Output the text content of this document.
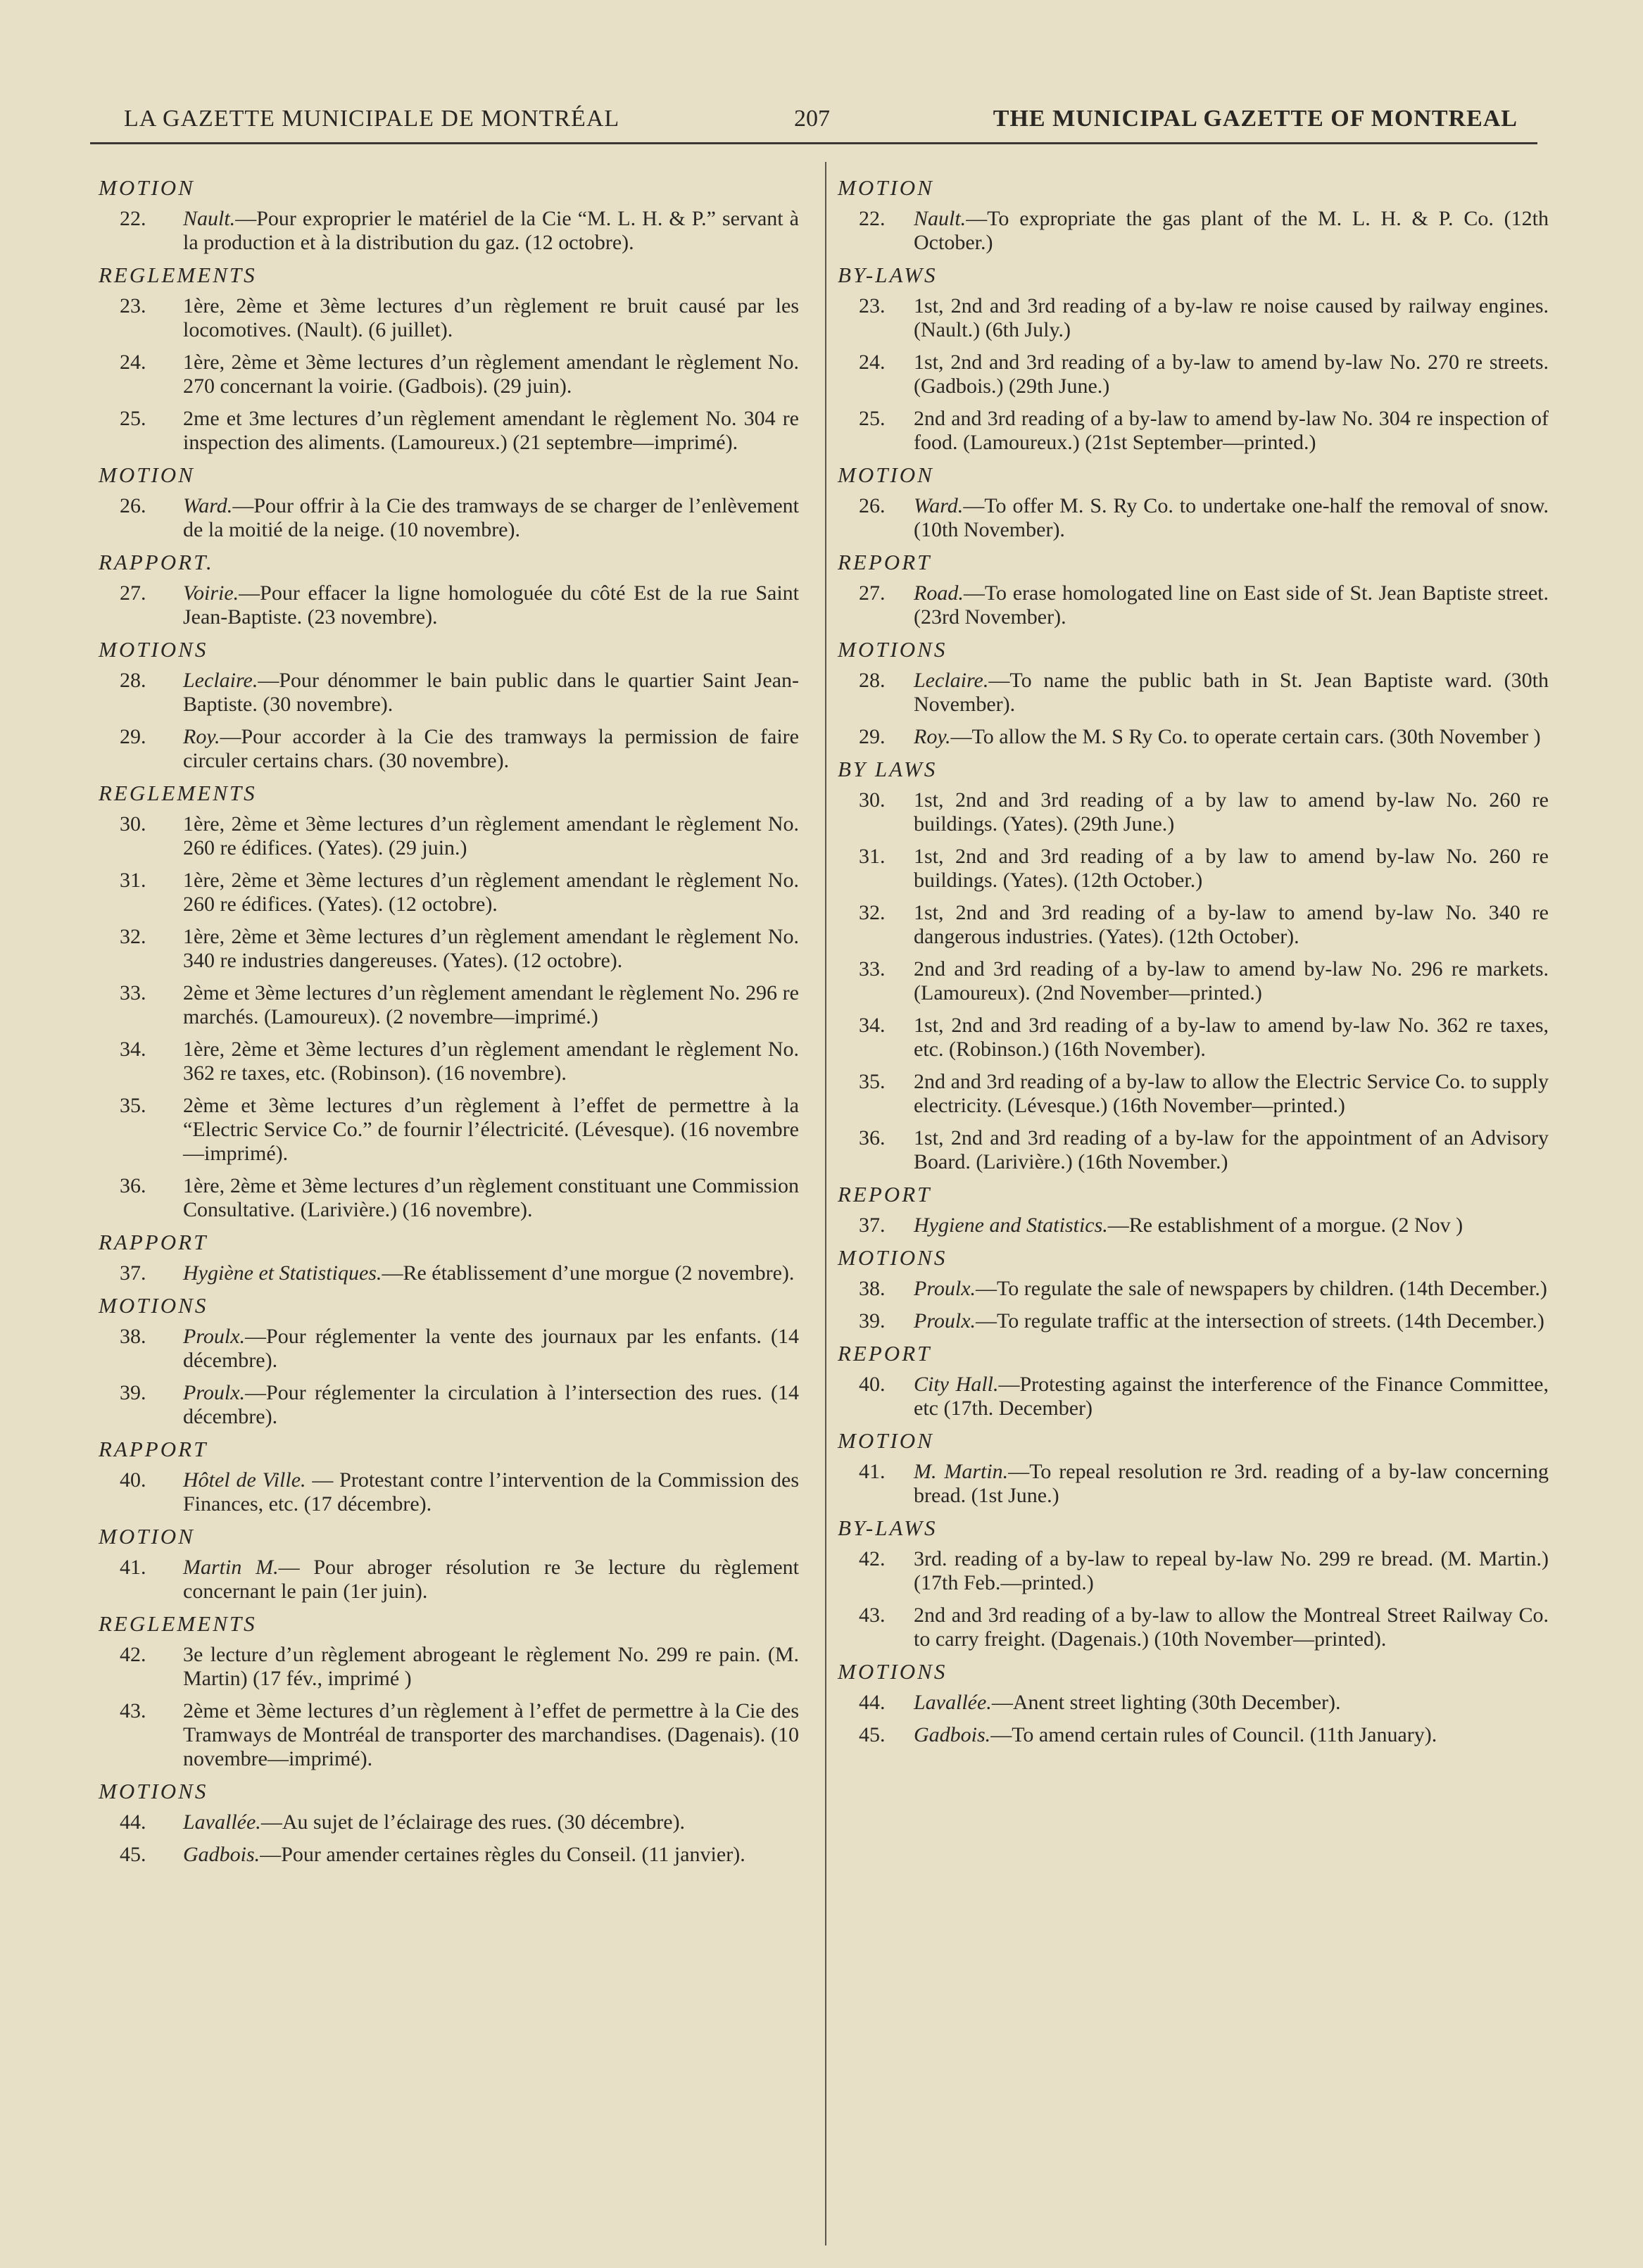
LA GAZETTE MUNICIPALE DE MONTRÉAL	207	THE MUNICIPAL GAZETTE OF MONTREAL
MOTION
22. Nault.—Pour exproprier le matériel de la Cie “M. L. H. & P.” servant à la production et à la distribution du gaz. (12 octobre).
REGLEMENTS
23. 1ère, 2ème et 3ème lectures d’un règlement re bruit causé par les locomotives. (Nault). (6 juillet).
24. 1ère, 2ème et 3ème lectures d’un règlement amendant le règlement No. 270 concernant la voirie. (Gadbois). (29 juin).
25. 2me et 3me lectures d’un règlement amendant le règlement No. 304 re inspection des aliments. (Lamoureux.) (21 septembre—imprimé).
MOTION
26. Ward.—Pour offrir à la Cie des tramways de se charger de l’enlèvement de la moitié de la neige. (10 novembre).
RAPPORT.
27. Voirie.—Pour effacer la ligne homologuée du côté Est de la rue Saint Jean-Baptiste. (23 novembre).
MOTIONS
28. Leclaire.—Pour dénommer le bain public dans le quartier Saint Jean-Baptiste. (30 novembre).
29. Roy.—Pour accorder à la Cie des tramways la permission de faire circuler certains chars. (30 novembre).
REGLEMENTS
30. 1ère, 2ème et 3ème lectures d’un règlement amendant le règlement No. 260 re édifices. (Yates). (29 juin.)
31. 1ère, 2ème et 3ème lectures d’un règlement amendant le règlement No. 260 re édifices. (Yates). (12 octobre).
32. 1ère, 2ème et 3ème lectures d’un règlement amendant le règlement No. 340 re industries dangereuses. (Yates). (12 octobre).
33. 2ème et 3ème lectures d’un règlement amendant le règlement No. 296 re marchés. (Lamoureux). (2 novembre—imprimé.)
34. 1ère, 2ème et 3ème lectures d’un règlement amendant le règlement No. 362 re taxes, etc. (Robinson). (16 novembre).
35. 2ème et 3ème lectures d’un règlement à l’effet de permettre à la “Electric Service Co.” de fournir l’électricité. (Lévesque). (16 novembre—imprimé).
36. 1ère, 2ème et 3ème lectures d’un règlement constituant une Commission Consultative. (Larivière.) (16 novembre).
RAPPORT
37. Hygiène et Statistiques.—Re établissement d’une morgue (2 novembre).
MOTIONS
38. Proulx.—Pour réglementer la vente des journaux par les enfants. (14 décembre).
39. Proulx.—Pour réglementer la circulation à l’intersection des rues. (14 décembre).
RAPPORT
40. Hôtel de Ville. — Protestant contre l’intervention de la Commission des Finances, etc. (17 décembre).
MOTION
41. Martin M.— Pour abroger résolution re 3e lecture du règlement concernant le pain (1er juin).
REGLEMENTS
42. 3e lecture d’un règlement abrogeant le règlement No. 299 re pain. (M. Martin) (17 fév., imprimé )
43. 2ème et 3ème lectures d’un règlement à l’effet de permettre à la Cie des Tramways de Montréal de transporter des marchandises. (Dagenais). (10 novembre—imprimé).
MOTIONS
44. Lavallée.—Au sujet de l’éclairage des rues. (30 décembre).
45. Gadbois.—Pour amender certaines règles du Conseil. (11 janvier).
MOTION
22. Nault.—To expropriate the gas plant of the M. L. H. & P. Co. (12th October.)
BY-LAWS
23. 1st, 2nd and 3rd reading of a by-law re noise caused by railway engines. (Nault.) (6th July.)
24. 1st, 2nd and 3rd reading of a by-law to amend by-law No. 270 re streets. (Gadbois.) (29th June.)
25. 2nd and 3rd reading of a by-law to amend by-law No. 304 re inspection of food. (Lamoureux.) (21st September—printed.)
MOTION
26. Ward.—To offer M. S. Ry Co. to undertake one-half the removal of snow. (10th November).
REPORT
27. Road.—To erase homologated line on East side of St. Jean Baptiste street. (23rd November).
MOTIONS
28. Leclaire.—To name the public bath in St. Jean Baptiste ward. (30th November).
29. Roy.—To allow the M. S Ry Co. to operate certain cars. (30th November )
BY LAWS
30. 1st, 2nd and 3rd reading of a by law to amend by-law No. 260 re buildings. (Yates). (29th June.)
31. 1st, 2nd and 3rd reading of a by law to amend by-law No. 260 re buildings. (Yates). (12th October.)
32. 1st, 2nd and 3rd reading of a by-law to amend by-law No. 340 re dangerous industries. (Yates). (12th October).
33. 2nd and 3rd reading of a by-law to amend by-law No. 296 re markets. (Lamoureux). (2nd November—printed.)
34. 1st, 2nd and 3rd reading of a by-law to amend by-law No. 362 re taxes, etc. (Robinson.) (16th November).
35. 2nd and 3rd reading of a by-law to allow the Electric Service Co. to supply electricity. (Lévesque.) (16th November—printed.)
36. 1st, 2nd and 3rd reading of a by-law for the appointment of an Advisory Board. (Larivière.) (16th November.)
REPORT
37. Hygiene and Statistics.—Re establishment of a morgue. (2 Nov )
MOTIONS
38. Proulx.—To regulate the sale of newspapers by children. (14th December.)
39. Proulx.—To regulate traffic at the intersection of streets. (14th December.)
REPORT
40. City Hall.—Protesting against the interference of the Finance Committee, etc (17th. December)
MOTION
41. M. Martin.—To repeal resolution re 3rd. reading of a by-law concerning bread. (1st June.)
BY-LAWS
42. 3rd. reading of a by-law to repeal by-law No. 299 re bread. (M. Martin.) (17th Feb.—printed.)
43. 2nd and 3rd reading of a by-law to allow the Montreal Street Railway Co. to carry freight. (Dagenais.) (10th November—printed).
MOTIONS
44. Lavallée.—Anent street lighting (30th December).
45. Gadbois.—To amend certain rules of Council. (11th January).
